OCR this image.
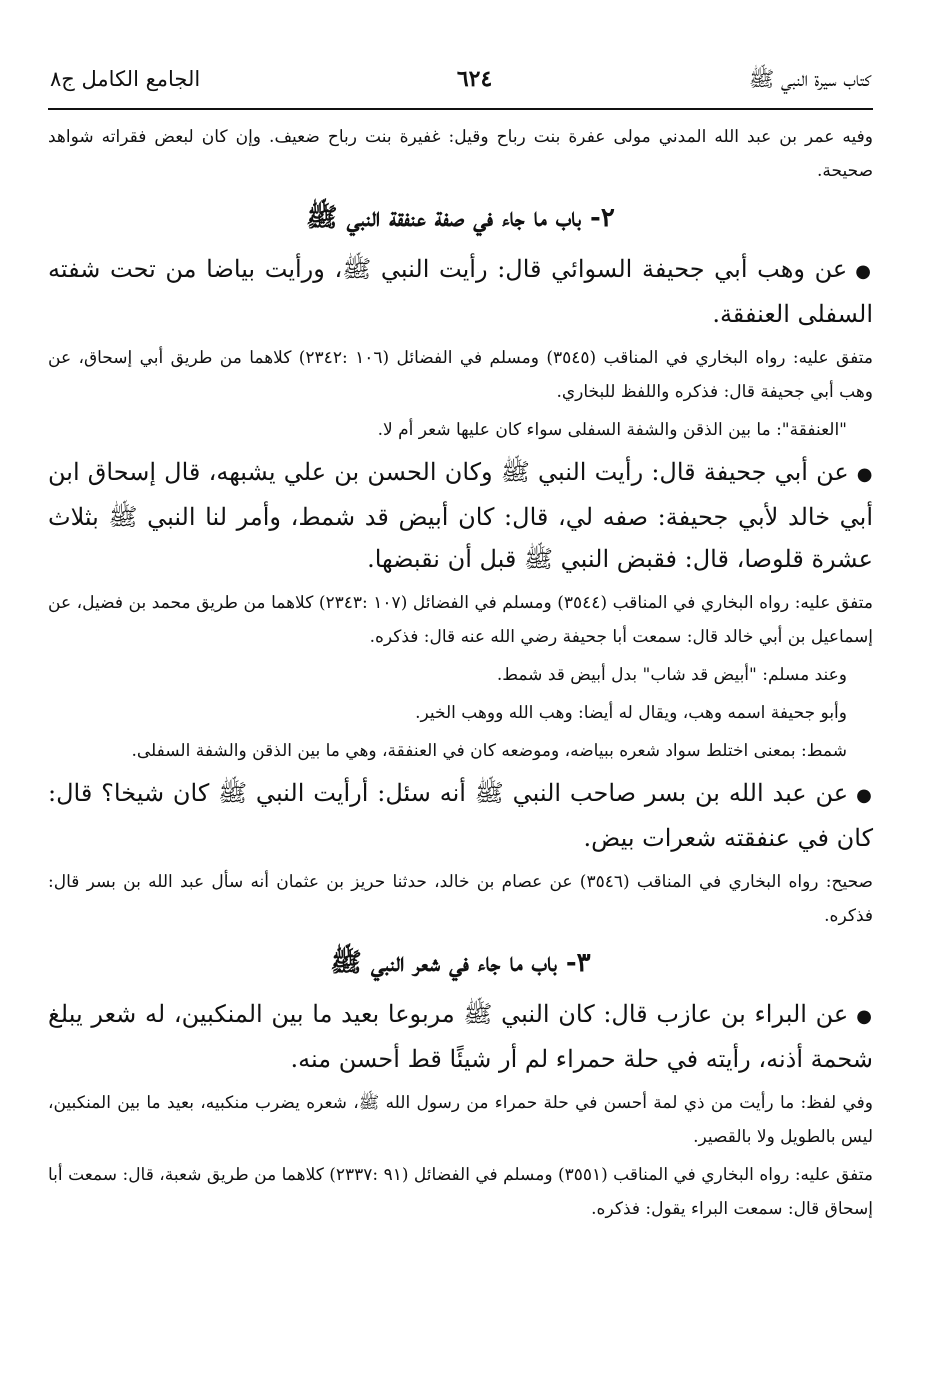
كتاب سيرة النبي ﷺ
٦٢٤
الجامع الكامل ج٨

وفيه عمر بن عبد الله المدني مولى عفرة بنت رباح وقيل: غفيرة بنت رباح ضعيف. وإن كان لبعض فقراته شواهد صحيحة.

٢- باب ما جاء في صفة عنفقة النبي ﷺ

●عن وهب أبي جحيفة السوائي قال: رأيت النبي ﷺ، ورأيت بياضا من تحت شفته السفلى العنفقة.

متفق عليه: رواه البخاري في المناقب (٣٥٤٥) ومسلم في الفضائل (١٠٦ :٢٣٤٢) كلاهما من طريق أبي إسحاق، عن وهب أبي جحيفة قال: فذكره واللفظ للبخاري.

"العنفقة": ما بين الذقن والشفة السفلى سواء كان عليها شعر أم لا.

●عن أبي جحيفة قال: رأيت النبي ﷺ وكان الحسن بن علي يشبهه، قال إسحاق ابن أبي خالد لأبي جحيفة: صفه لي، قال: كان أبيض قد شمط، وأمر لنا النبي ﷺ بثلاث عشرة قلوصا، قال: فقبض النبي ﷺ قبل أن نقبضها.

متفق عليه: رواه البخاري في المناقب (٣٥٤٤) ومسلم في الفضائل (١٠٧ :٢٣٤٣) كلاهما من طريق محمد بن فضيل، عن إسماعيل بن أبي خالد قال: سمعت أبا جحيفة رضي الله عنه قال: فذكره.

وعند مسلم: "أبيض قد شاب" بدل أبيض قد شمط.

وأبو جحيفة اسمه وهب، ويقال له أيضا: وهب الله ووهب الخير.

شمط: بمعنى اختلط سواد شعره ببياضه، وموضعه كان في العنفقة، وهي ما بين الذقن والشفة السفلى.

●عن عبد الله بن بسر صاحب النبي ﷺ أنه سئل: أرأيت النبي ﷺ كان شيخا؟ قال: كان في عنفقته شعرات بيض.

صحيح: رواه البخاري في المناقب (٣٥٤٦) عن عصام بن خالد، حدثنا حريز بن عثمان أنه سأل عبد الله بن بسر قال: فذكره.

٣- باب ما جاء في شعر النبي ﷺ

●عن البراء بن عازب قال: كان النبي ﷺ مربوعا بعيد ما بين المنكبين، له شعر يبلغ شحمة أذنه، رأيته في حلة حمراء لم أر شيئًا قط أحسن منه.

وفي لفظ: ما رأيت من ذي لمة أحسن في حلة حمراء من رسول الله ﷺ، شعره يضرب منكبيه، بعيد ما بين المنكبين، ليس بالطويل ولا بالقصير.

متفق عليه: رواه البخاري في المناقب (٣٥٥١) ومسلم في الفضائل (٩١ :٢٣٣٧) كلاهما من طريق شعبة، قال: سمعت أبا إسحاق قال: سمعت البراء يقول: فذكره.
